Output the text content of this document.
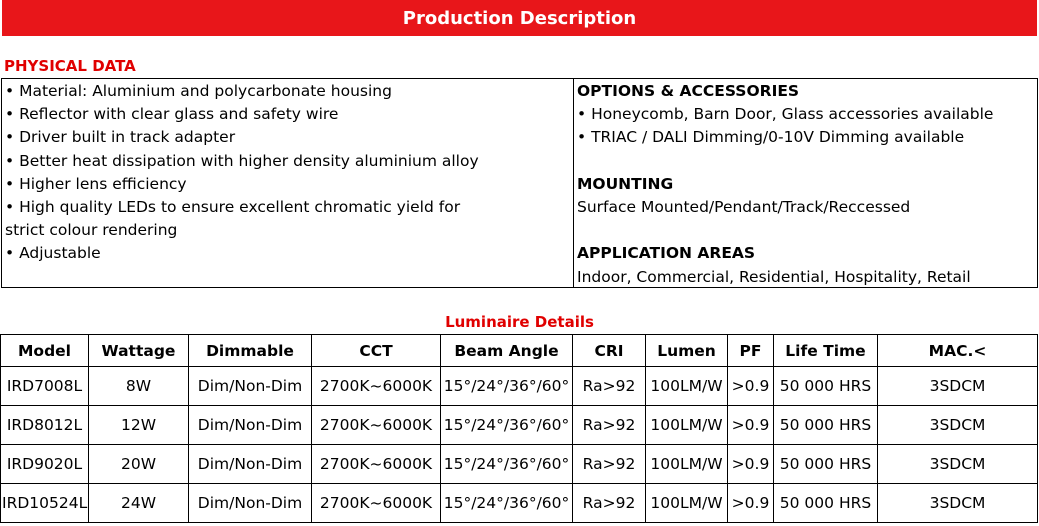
Production Description
PHYSICAL DATA
• Material: Aluminium and polycarbonate housing
• Reflector with clear glass and safety wire
• Driver built in track adapter
• Better heat dissipation with higher density aluminium alloy
• Higher lens efficiency
• High quality LEDs to ensure excellent chromatic yield for
strict colour rendering
• Adjustable
OPTIONS & ACCESSORIES
• Honeycomb, Barn Door, Glass accessories available
• TRIAC / DALI Dimming/0-10V Dimming available
MOUNTING
Surface Mounted/Pendant/Track/Reccessed
APPLICATION AREAS
Indoor, Commercial, Residential, Hospitality, Retail
Luminaire Details
Model	Wattage	Dimmable	CCT	Beam Angle	CRI	Lumen	PF	Life Time	MAC.<
IRD7008L	8W	Dim/Non-Dim	2700K~6000K	15°/24°/36°/60°	Ra>92	100LM/W	>0.9	50 000 HRS	3SDCM
IRD8012L	12W	Dim/Non-Dim	2700K~6000K	15°/24°/36°/60°	Ra>92	100LM/W	>0.9	50 000 HRS	3SDCM
IRD9020L	20W	Dim/Non-Dim	2700K~6000K	15°/24°/36°/60°	Ra>92	100LM/W	>0.9	50 000 HRS	3SDCM
IRD10524L	24W	Dim/Non-Dim	2700K~6000K	15°/24°/36°/60°	Ra>92	100LM/W	>0.9	50 000 HRS	3SDCM
